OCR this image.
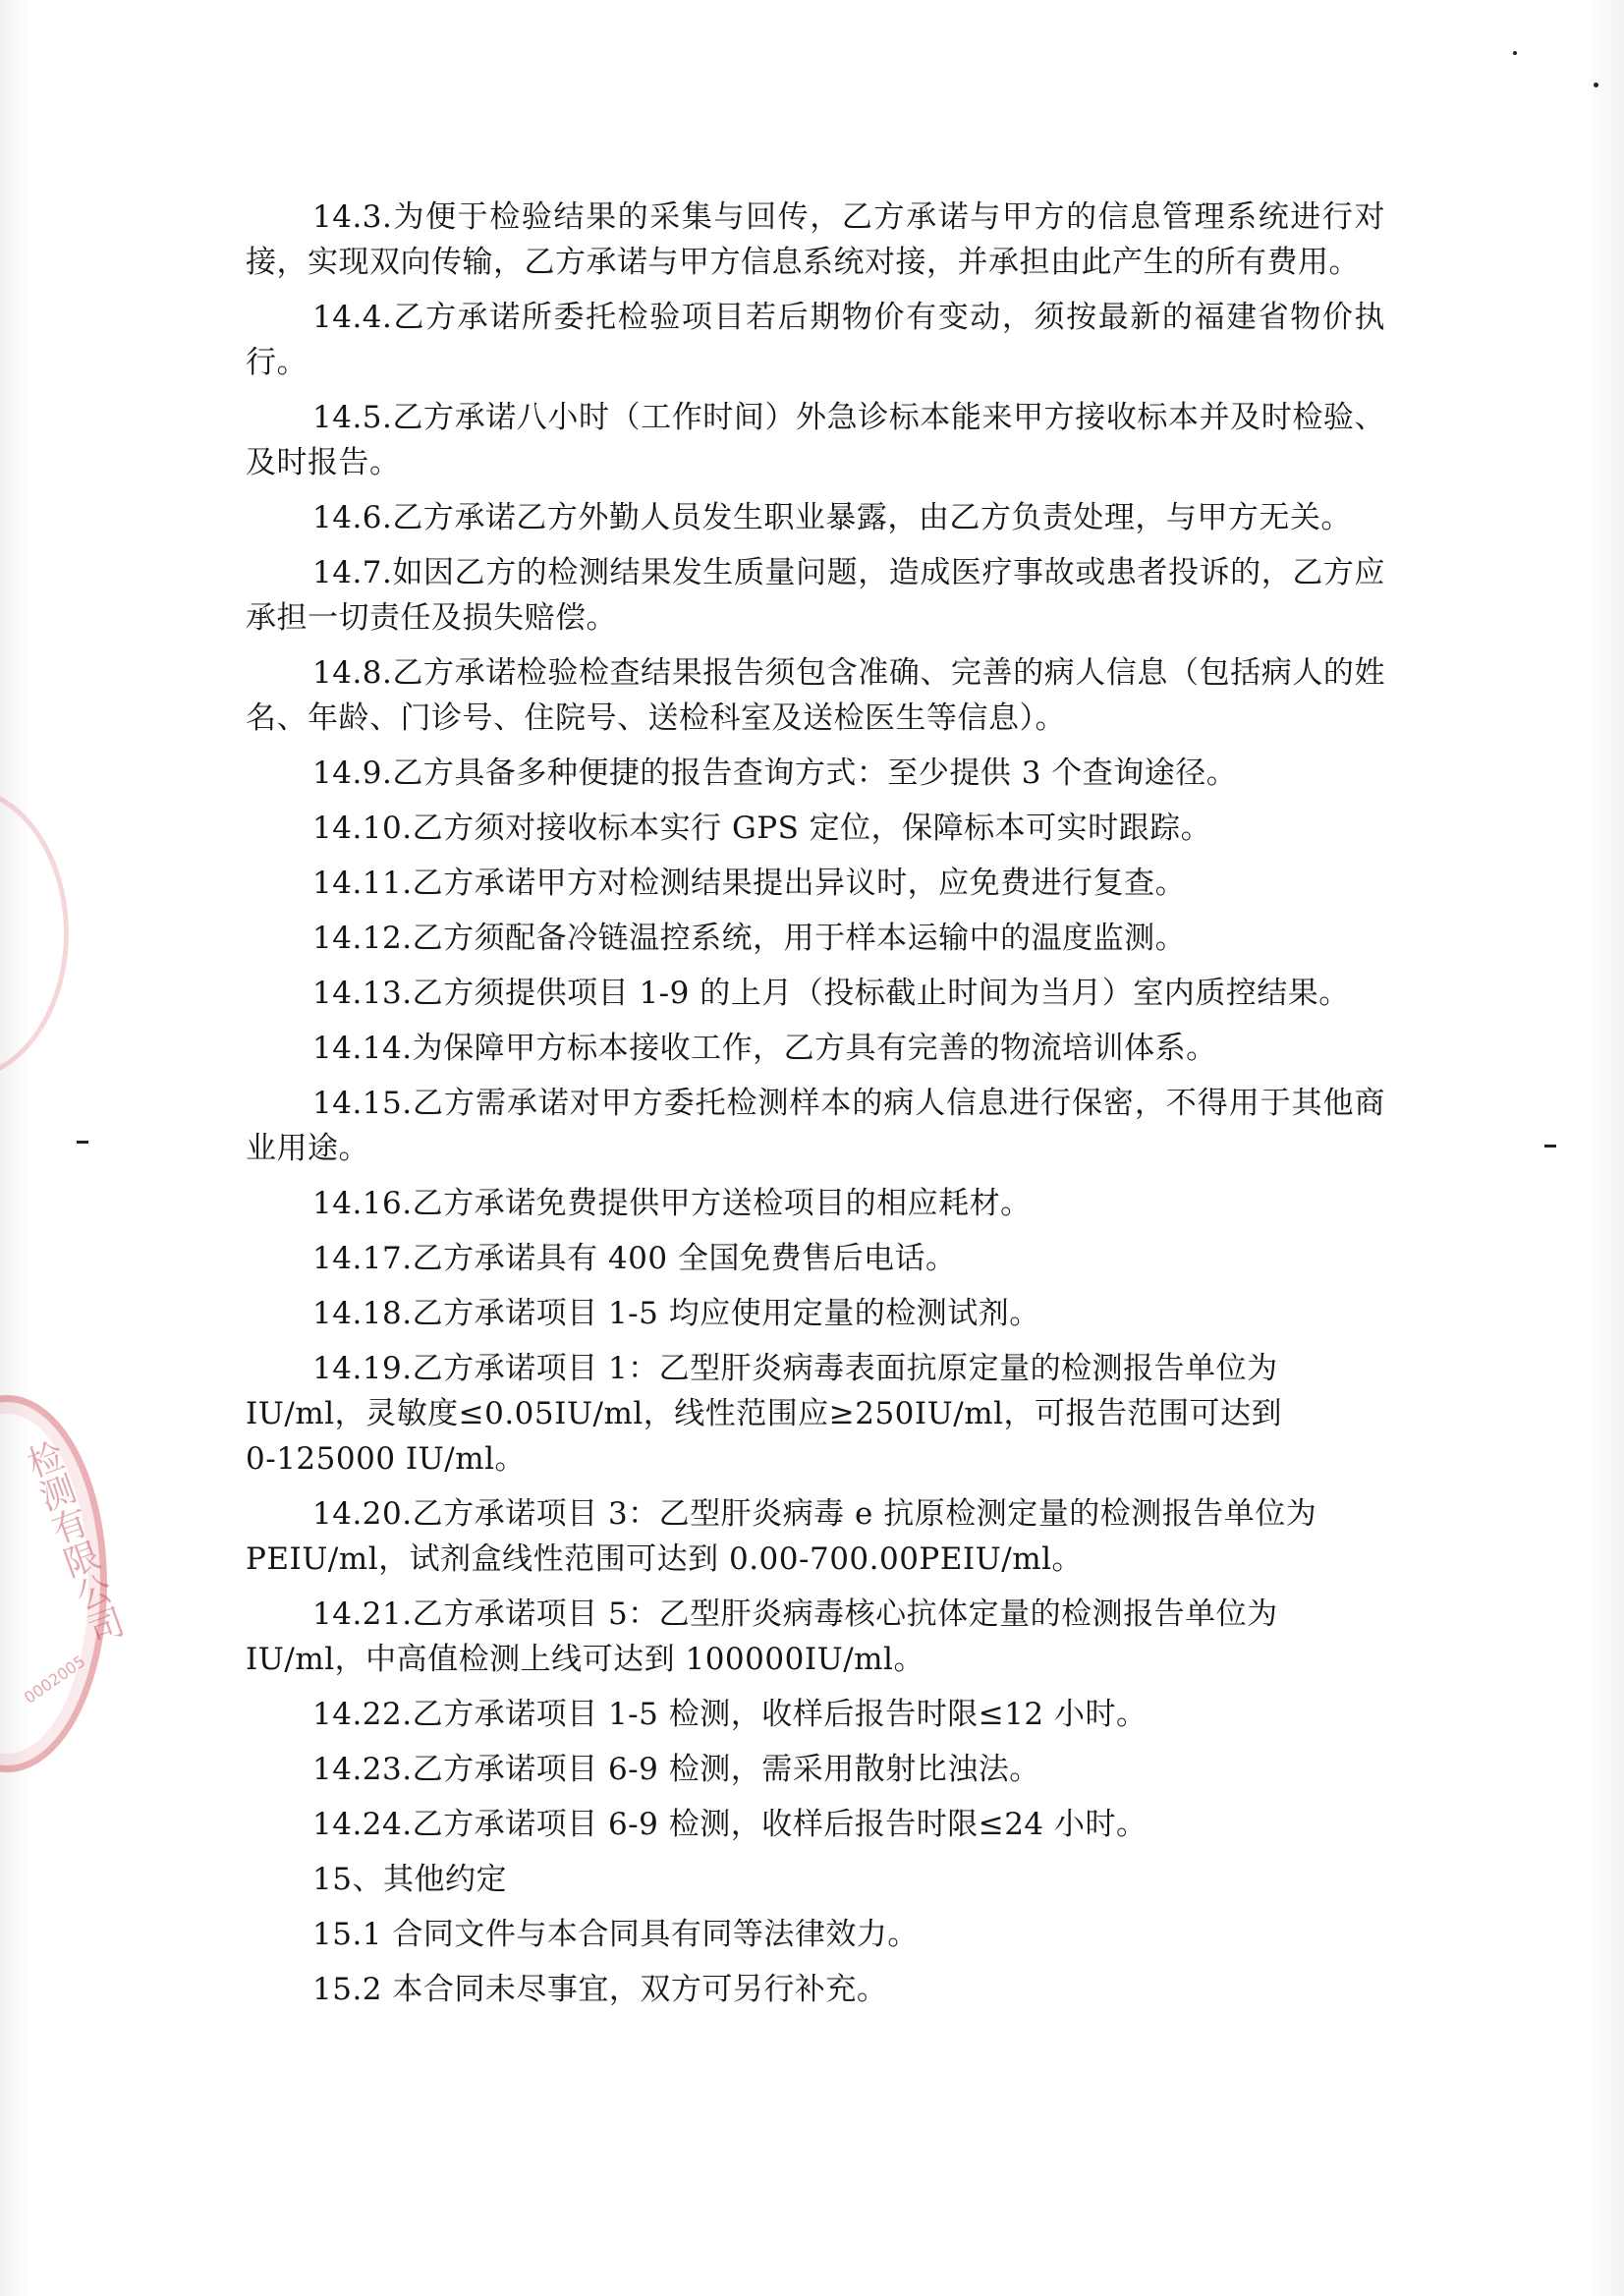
检测有限公司
0002005

14.3.为便于检验结果的采集与回传，乙方承诺与甲方的信息管理系统进行对接，实现双向传输，乙方承诺与甲方信息系统对接，并承担由此产生的所有费用。

14.4.乙方承诺所委托检验项目若后期物价有变动，须按最新的福建省物价执行。

14.5.乙方承诺八小时（工作时间）外急诊标本能来甲方接收标本并及时检验、及时报告。

14.6.乙方承诺乙方外勤人员发生职业暴露，由乙方负责处理，与甲方无关。

14.7.如因乙方的检测结果发生质量问题，造成医疗事故或患者投诉的，乙方应承担一切责任及损失赔偿。

14.8.乙方承诺检验检查结果报告须包含准确、完善的病人信息（包括病人的姓名、年龄、门诊号、住院号、送检科室及送检医生等信息）。

14.9.乙方具备多种便捷的报告查询方式：至少提供 3 个查询途径。

14.10.乙方须对接收标本实行 GPS 定位，保障标本可实时跟踪。

14.11.乙方承诺甲方对检测结果提出异议时，应免费进行复查。

14.12.乙方须配备冷链温控系统，用于样本运输中的温度监测。

14.13.乙方须提供项目 1-9 的上月（投标截止时间为当月）室内质控结果。

14.14.为保障甲方标本接收工作，乙方具有完善的物流培训体系。

14.15.乙方需承诺对甲方委托检测样本的病人信息进行保密，不得用于其他商业用途。

14.16.乙方承诺免费提供甲方送检项目的相应耗材。

14.17.乙方承诺具有 400 全国免费售后电话。

14.18.乙方承诺项目 1-5 均应使用定量的检测试剂。

14.19.乙方承诺项目 1：乙型肝炎病毒表面抗原定量的检测报告单位为
IU/ml，灵敏度≤0.05IU/ml，线性范围应≥250IU/ml，可报告范围可达到
0-125000 IU/ml。

14.20.乙方承诺项目 3：乙型肝炎病毒 e 抗原检测定量的检测报告单位为
PEIU/ml，试剂盒线性范围可达到 0.00-700.00PEIU/ml。

14.21.乙方承诺项目 5：乙型肝炎病毒核心抗体定量的检测报告单位为
IU/ml，中高值检测上线可达到 100000IU/ml。

14.22.乙方承诺项目 1-5 检测，收样后报告时限≤12 小时。

14.23.乙方承诺项目 6-9 检测，需采用散射比浊法。

14.24.乙方承诺项目 6-9 检测，收样后报告时限≤24 小时。

15、其他约定

15.1 合同文件与本合同具有同等法律效力。

15.2 本合同未尽事宜，双方可另行补充。
